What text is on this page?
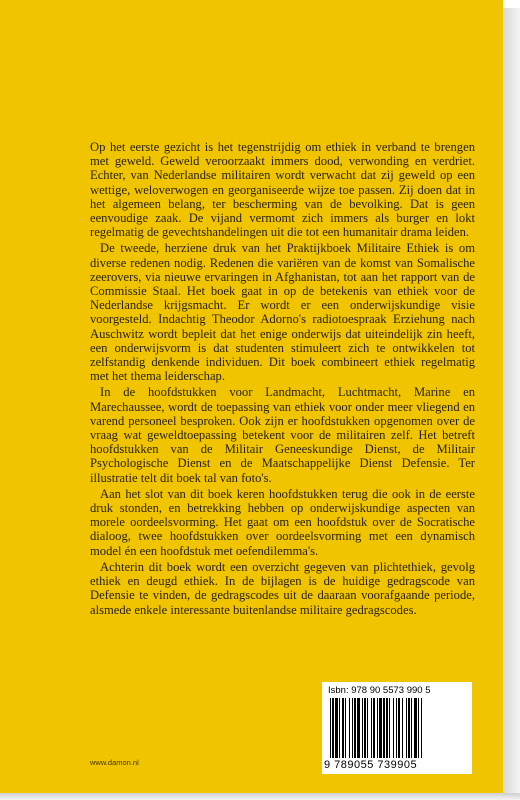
Op het eerste gezicht is het tegenstrijdig om ethiek in verband te brengen met geweld. Geweld veroorzaakt immers dood, verwonding en verdriet. Echter, van Nederlandse militairen wordt verwacht dat zij geweld op een wettige, weloverwogen en georganiseerde wijze toe passen. Zij doen dat in het algemeen belang, ter bescherming van de bevolking. Dat is geen eenvoudige zaak. De vijand vermomt zich immers als burger en lokt regelmatig de gevechtshandelingen uit die tot een humanitair drama leiden.

De tweede, herziene druk van het Praktijkboek Militaire Ethiek is om diverse redenen nodig. Redenen die variëren van de komst van Somalische zeerovers, via nieuwe ervaringen in Afghanistan, tot aan het rapport van de Commissie Staal. Het boek gaat in op de betekenis van ethiek voor de Nederlandse krijgsmacht. Er wordt er een onderwijskundige visie voorgesteld. Indachtig Theodor Adorno's radiotoespraak Erziehung nach Auschwitz wordt bepleit dat het enige onderwijs dat uiteindelijk zin heeft, een onderwijsvorm is dat studenten stimuleert zich te ontwikkelen tot zelfstandig denkende individuen. Dit boek combineert ethiek regelmatig met het thema leiderschap.

In de hoofdstukken voor Landmacht, Luchtmacht, Marine en Marechaussee, wordt de toepassing van ethiek voor onder meer vliegend en varend personeel besproken. Ook zijn er hoofdstukken opgenomen over de vraag wat geweldtoepassing betekent voor de militairen zelf. Het betreft hoofdstukken van de Militair Geneeskundige Dienst, de Militair Psychologische Dienst en de Maatschappelijke Dienst Defensie. Ter illustratie telt dit boek tal van foto's.

Aan het slot van dit boek keren hoofdstukken terug die ook in de eerste druk stonden, en betrekking hebben op onderwijskundige aspecten van morele oordeelsvorming. Het gaat om een hoofdstuk over de Socratische dialoog, twee hoofdstukken over oordeelsvorming met een dynamisch model én een hoofdstuk met oefendilemma's.

Achterin dit boek wordt een overzicht gegeven van plichtethiek, gevolg ethiek en deugd ethiek. In de bijlagen is de huidige gedragscode van Defensie te vinden, de gedragscodes uit de daaraan voorafgaande periode, alsmede enkele interessante buitenlandse militaire gedragscodes.

Isbn: 978 90 5573 990 5
9 789055 739905
www.damon.nl
